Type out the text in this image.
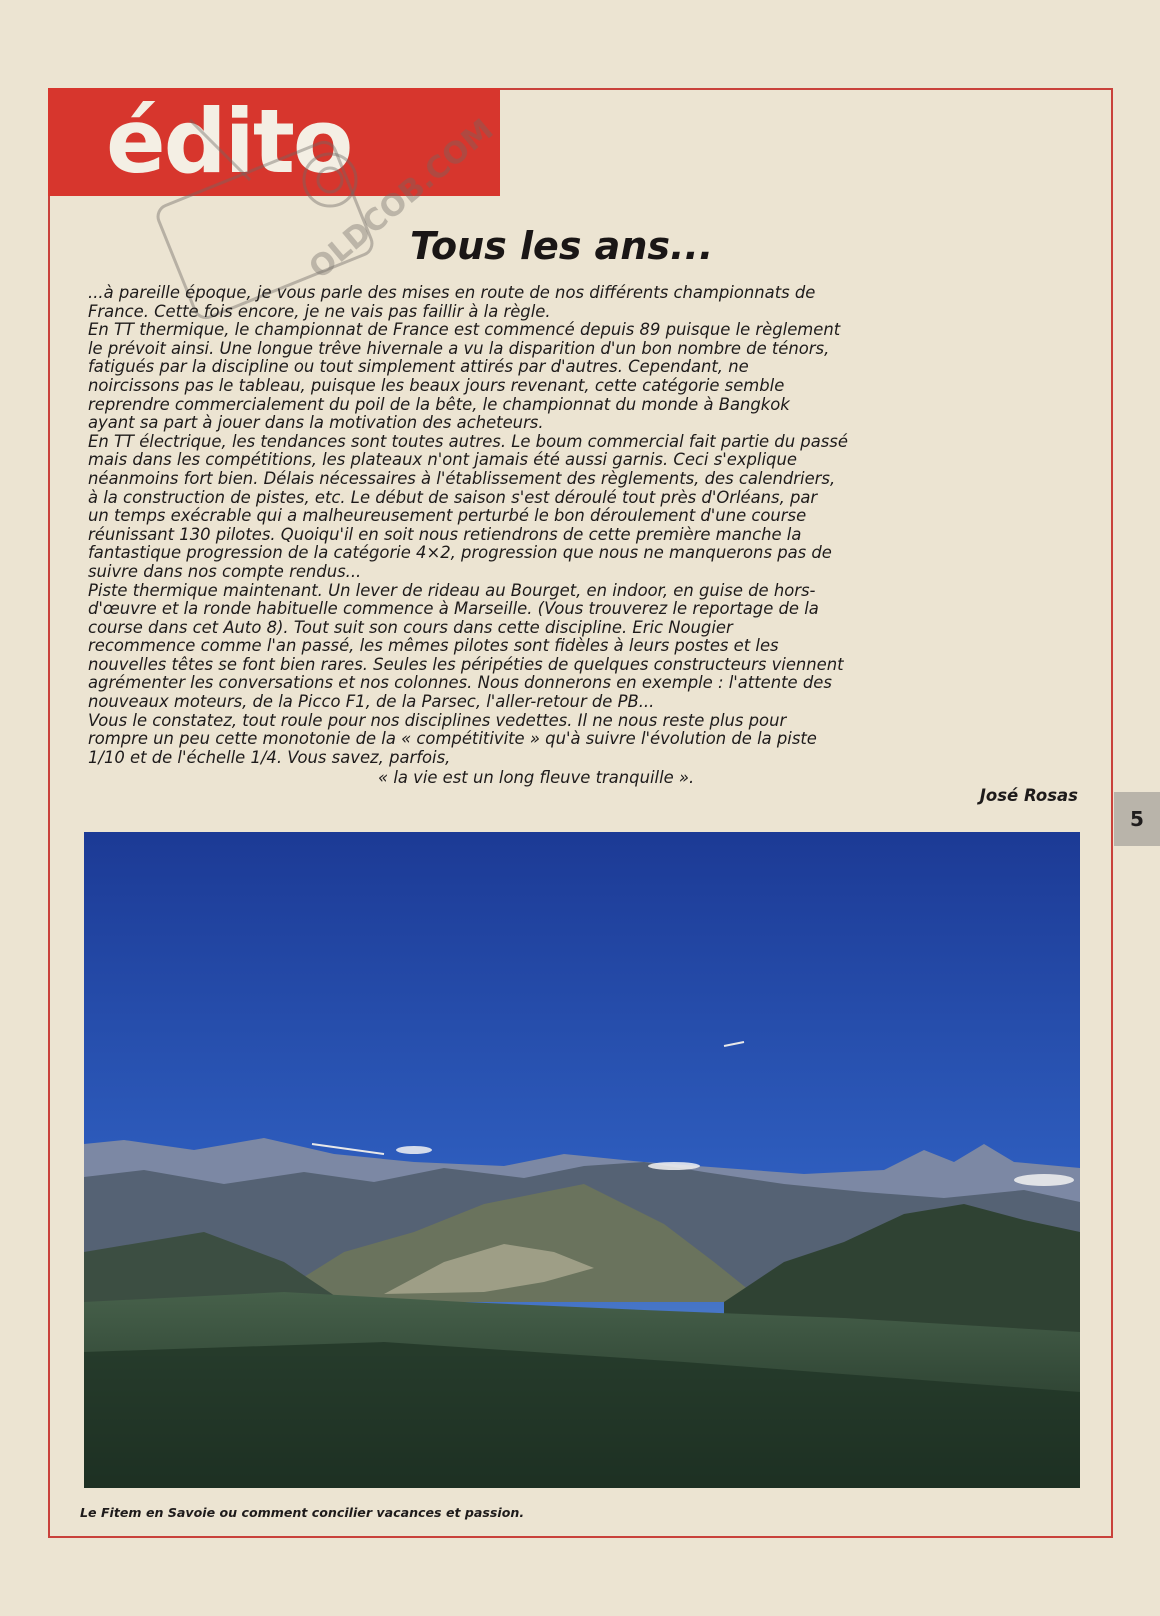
édito
OLDCOB.COM
Tous les ans...

...à pareille époque, je vous parle des mises en route de nos différents championnats de

France. Cette fois encore, je ne vais pas faillir à la règle.

En TT thermique, le championnat de France est commencé depuis 89 puisque le règlement

le prévoit ainsi. Une longue trêve hivernale a vu la disparition d'un bon nombre de ténors,

fatigués par la discipline ou tout simplement attirés par d'autres. Cependant, ne

noircissons pas le tableau, puisque les beaux jours revenant, cette catégorie semble

reprendre commercialement du poil de la bête, le championnat du monde à Bangkok

ayant sa part à jouer dans la motivation des acheteurs.

En TT électrique, les tendances sont toutes autres. Le boum commercial fait partie du passé

mais dans les compétitions, les plateaux n'ont jamais été aussi garnis. Ceci s'explique

néanmoins fort bien. Délais nécessaires à l'établissement des règlements, des calendriers,

à la construction de pistes, etc. Le début de saison s'est déroulé tout près d'Orléans, par

un temps exécrable qui a malheureusement perturbé le bon déroulement d'une course

réunissant 130 pilotes. Quoiqu'il en soit nous retiendrons de cette première manche la

fantastique progression de la catégorie 4×2, progression que nous ne manquerons pas de

suivre dans nos compte rendus...

Piste thermique maintenant. Un lever de rideau au Bourget, en indoor, en guise de hors-

d'œuvre et la ronde habituelle commence à Marseille. (Vous trouverez le reportage de la

course dans cet Auto 8). Tout suit son cours dans cette discipline. Eric Nougier

recommence comme l'an passé, les mêmes pilotes sont fidèles à leurs postes et les

nouvelles têtes se font bien rares. Seules les péripéties de quelques constructeurs viennent

agrémenter les conversations et nos colonnes. Nous donnerons en exemple : l'attente des

nouveaux moteurs, de la Picco F1, de la Parsec, l'aller-retour de PB...

Vous le constatez, tout roule pour nos disciplines vedettes. Il ne nous reste plus pour

rompre un peu cette monotonie de la « compétitivite » qu'à suivre l'évolution de la piste

1/10 et de l'échelle 1/4. Vous savez, parfois,

« la vie est un long fleuve tranquille ».
José Rosas
5
Le Fitem en Savoie ou comment concilier vacances et passion.
